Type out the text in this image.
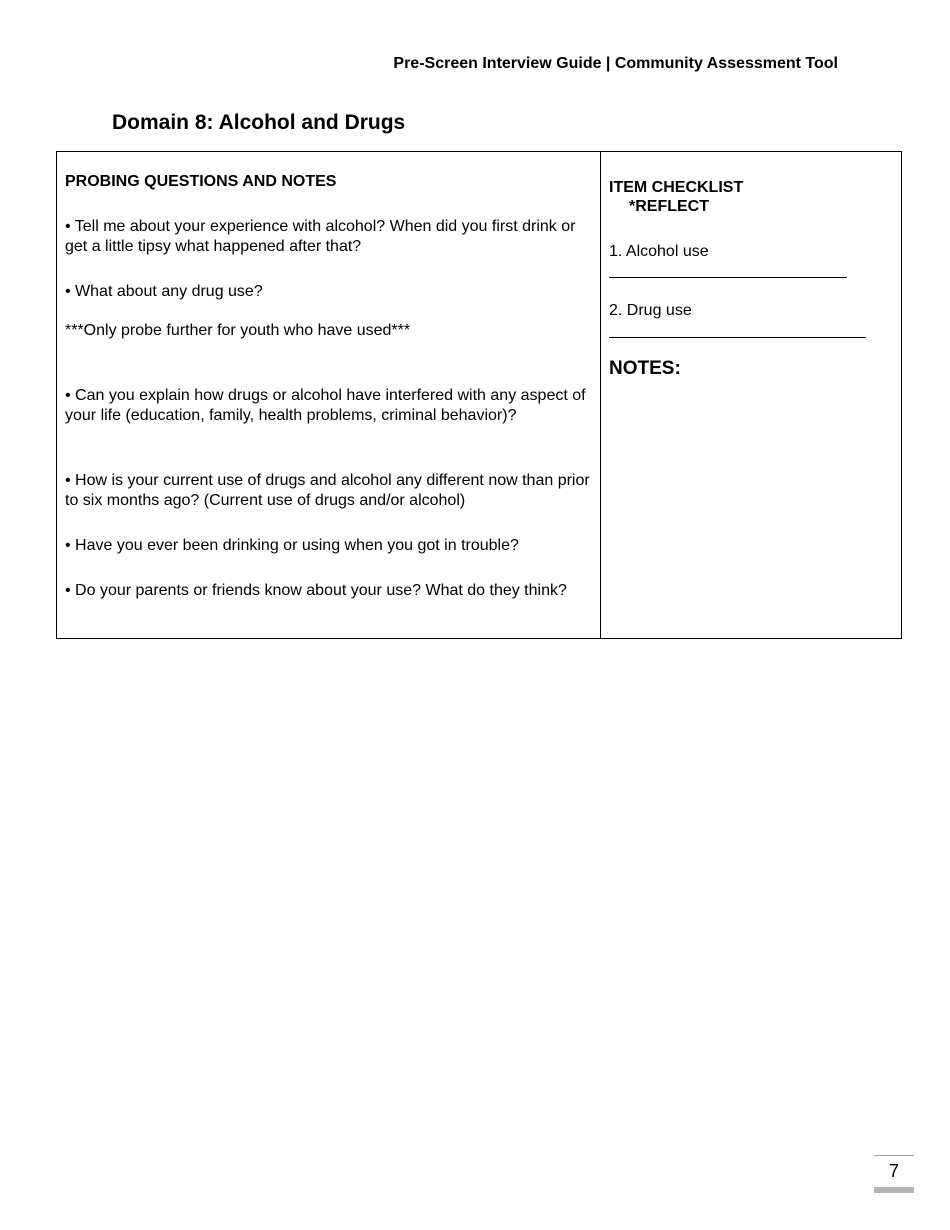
Pre-Screen Interview Guide | Community Assessment Tool
Domain 8: Alcohol and Drugs
PROBING QUESTIONS AND NOTES
• Tell me about your experience with alcohol? When did you first drink or get a little tipsy what happened after that?
• What about any drug use?
***Only probe further for youth who have used***
• Can you explain how drugs or alcohol have interfered with any aspect of your life (education, family, health problems, criminal behavior)?
• How is your current use of drugs and alcohol any different now than prior to six months ago? (Current use of drugs and/or alcohol)
• Have you ever been drinking or using when you got in trouble?
• Do your parents or friends know about your use? What do they think?
ITEM CHECKLIST
*REFLECT
1. Alcohol use
2. Drug use
NOTES:
7
